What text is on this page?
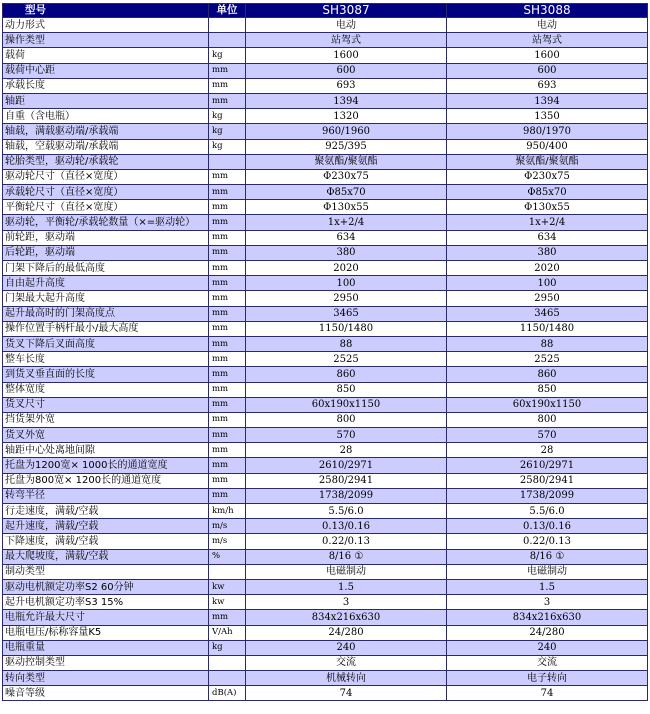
型号	单位	SH3087	SH3088
动力形式		电动	电动
操作类型		站驾式	站驾式
载荷	kg	1600	1600
载荷中心距	mm	600	600
承载长度	mm	693	693
轴距	mm	1394	1394
自重（含电瓶）	kg	1320	1350
轴载，满载驱动端/承载端	kg	960/1960	980/1970
轴载，空载驱动端/承载端	kg	925/395	950/400
轮胎类型，驱动轮/承载轮		聚氨酯/聚氨酯	聚氨酯/聚氨酯
驱动轮尺寸（直径×宽度）	mm	Φ230x75	Φ230x75
承载轮尺寸（直径×宽度）	mm	Φ85x70	Φ85x70
平衡轮尺寸（直径×宽度）	mm	Φ130x55	Φ130x55
驱动轮，平衡轮/承载轮数量（×=驱动轮）	mm	1x+2/4	1x+2/4
前轮距，驱动端	mm	634	634
后轮距，驱动端	mm	380	380
门架下降后的最低高度	mm	2020	2020
自由起升高度	mm	100	100
门架最大起升高度	mm	2950	2950
起升最高时的门架高度点	mm	3465	3465
操作位置手柄杆最小/最大高度	mm	1150/1480	1150/1480
货叉下降后叉面高度	mm	88	88
整车长度	mm	2525	2525
到货叉垂直面的长度	mm	860	860
整体宽度	mm	850	850
货叉尺寸	mm	60x190x1150	60x190x1150
挡货架外宽	mm	800	800
货叉外宽	mm	570	570
轴距中心处离地间隙	mm	28	28
托盘为1200宽× 1000长的通道宽度	mm	2610/2971	2610/2971
托盘为800宽× 1200长的通道宽度	mm	2580/2941	2580/2941
转弯半径	mm	1738/2099	1738/2099
行走速度，满载/空载	km/h	5.5/6.0	5.5/6.0
起升速度，满载/空载	m/s	0.13/0.16	0.13/0.16
下降速度，满载/空载	m/s	0.22/0.13	0.22/0.13
最大爬坡度，满载/空载	%	8/16 ①	8/16 ①
制动类型		电磁制动	电磁制动
驱动电机额定功率S2 60分钟	kw	1.5	1.5
起升电机额定功率S3 15%	kw	3	3
电瓶允许最大尺寸	mm	834x216x630	834x216x630
电瓶电压/标称容量K5	V/Ah	24/280	24/280
电瓶重量	kg	240	240
驱动控制类型		交流	交流
转向类型		机械转向	电子转向
噪音等级	dB(A)	74	74
